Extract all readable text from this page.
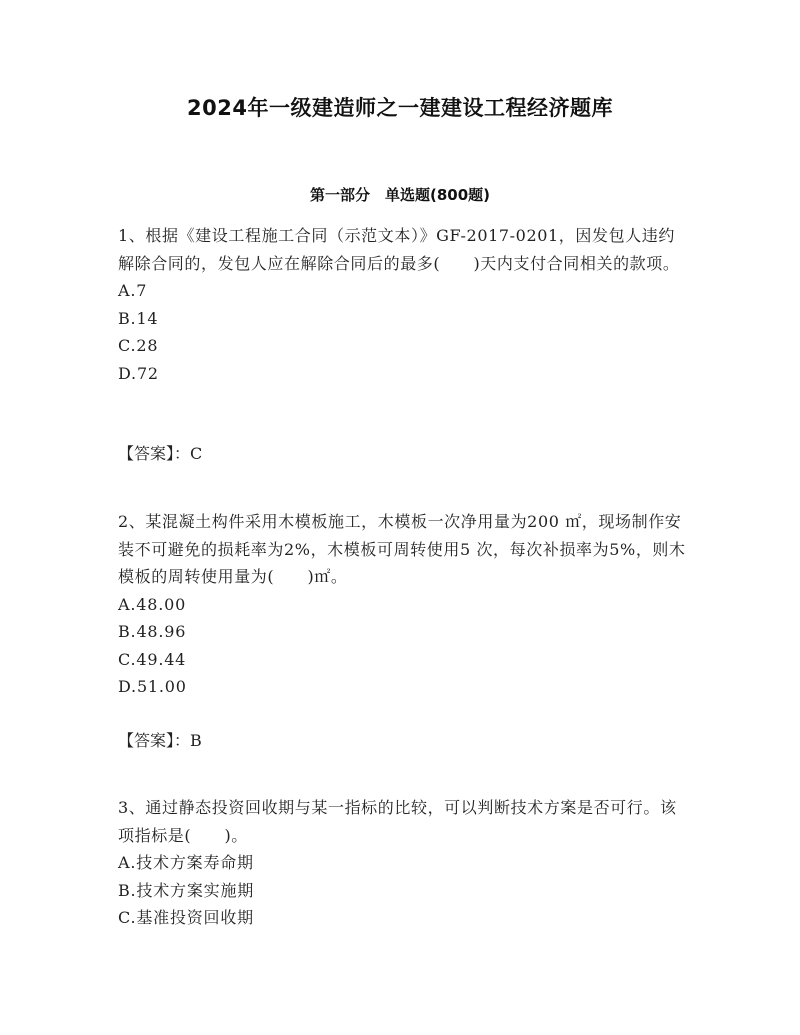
2024年一级建造师之一建建设工程经济题库
第一部分　单选题(800题)

1、根据《建设工程施工合同（示范文本）》GF-2017-0201，因发包人违约解除合同的，发包人应在解除合同后的最多(　　)天内支付合同相关的款项。

A.7

B.14

C.28

D.72

【答案】：C

2、某混凝土构件采用木模板施工，木模板一次净用量为200 ㎡，现场制作安装不可避免的损耗率为2%，木模板可周转使用5 次，每次补损率为5%，则木模板的周转使用量为(　　)㎡。

A.48.00

B.48.96

C.49.44

D.51.00

【答案】：B

3、通过静态投资回收期与某一指标的比较，可以判断技术方案是否可行。该项指标是(　　)。

A.技术方案寿命期

B.技术方案实施期

C.基准投资回收期
